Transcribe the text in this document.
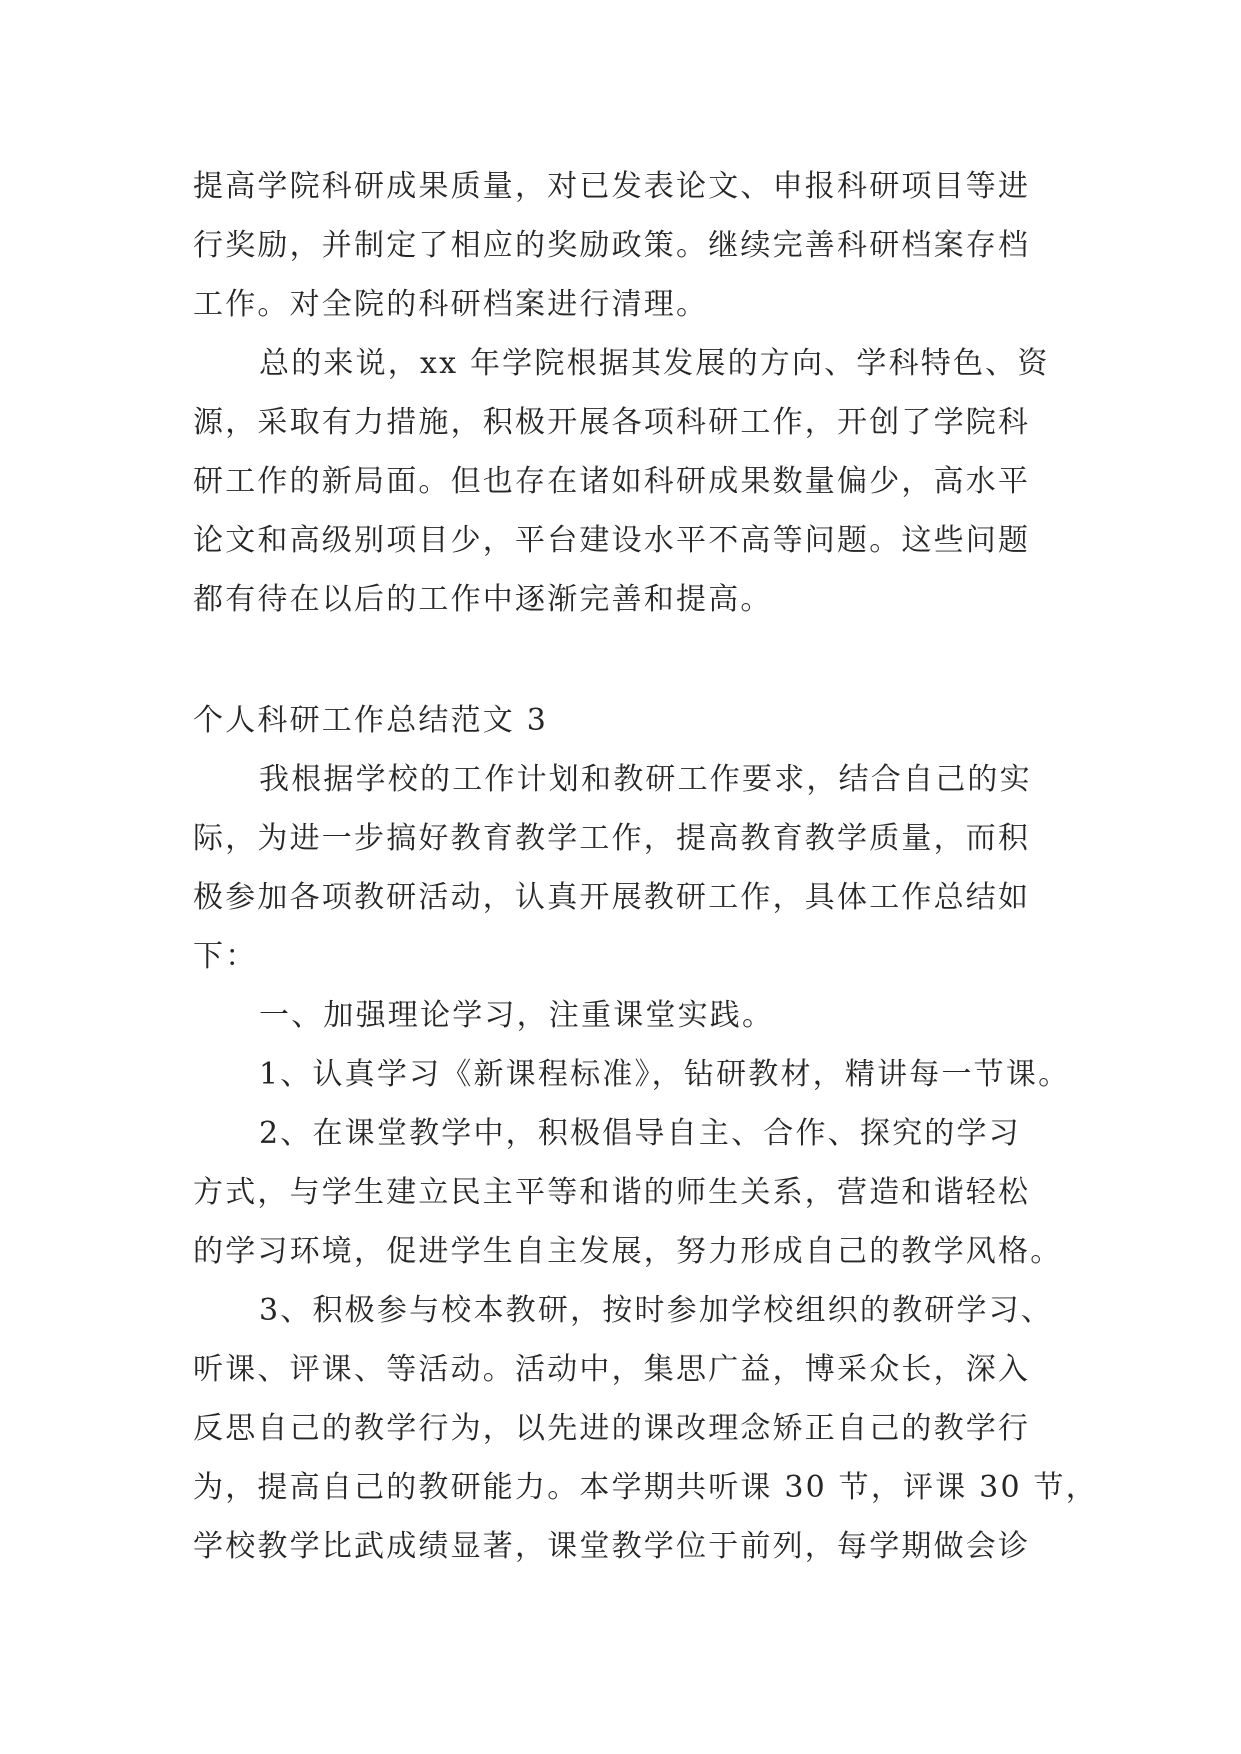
提高学院科研成果质量，对已发表论文、申报科研项目等进
行奖励，并制定了相应的奖励政策。继续完善科研档案存档
工作。对全院的科研档案进行清理。
总的来说，xx 年学院根据其发展的方向、学科特色、资
源，采取有力措施，积极开展各项科研工作，开创了学院科
研工作的新局面。但也存在诸如科研成果数量偏少，高水平
论文和高级别项目少，平台建设水平不高等问题。这些问题
都有待在以后的工作中逐渐完善和提高。
个人科研工作总结范文 3
我根据学校的工作计划和教研工作要求，结合自己的实
际，为进一步搞好教育教学工作，提高教育教学质量，而积
极参加各项教研活动，认真开展教研工作，具体工作总结如
下：
一、加强理论学习，注重课堂实践。
1、认真学习《新课程标准》，钻研教材，精讲每一节课。
2、在课堂教学中，积极倡导自主、合作、探究的学习
方式，与学生建立民主平等和谐的师生关系，营造和谐轻松
的学习环境，促进学生自主发展，努力形成自己的教学风格。
3、积极参与校本教研，按时参加学校组织的教研学习、
听课、评课、等活动。活动中，集思广益，博采众长，深入
反思自己的教学行为，以先进的课改理念矫正自己的教学行
为，提高自己的教研能力。本学期共听课 30 节，评课 30 节，
学校教学比武成绩显著，课堂教学位于前列，每学期做会诊
